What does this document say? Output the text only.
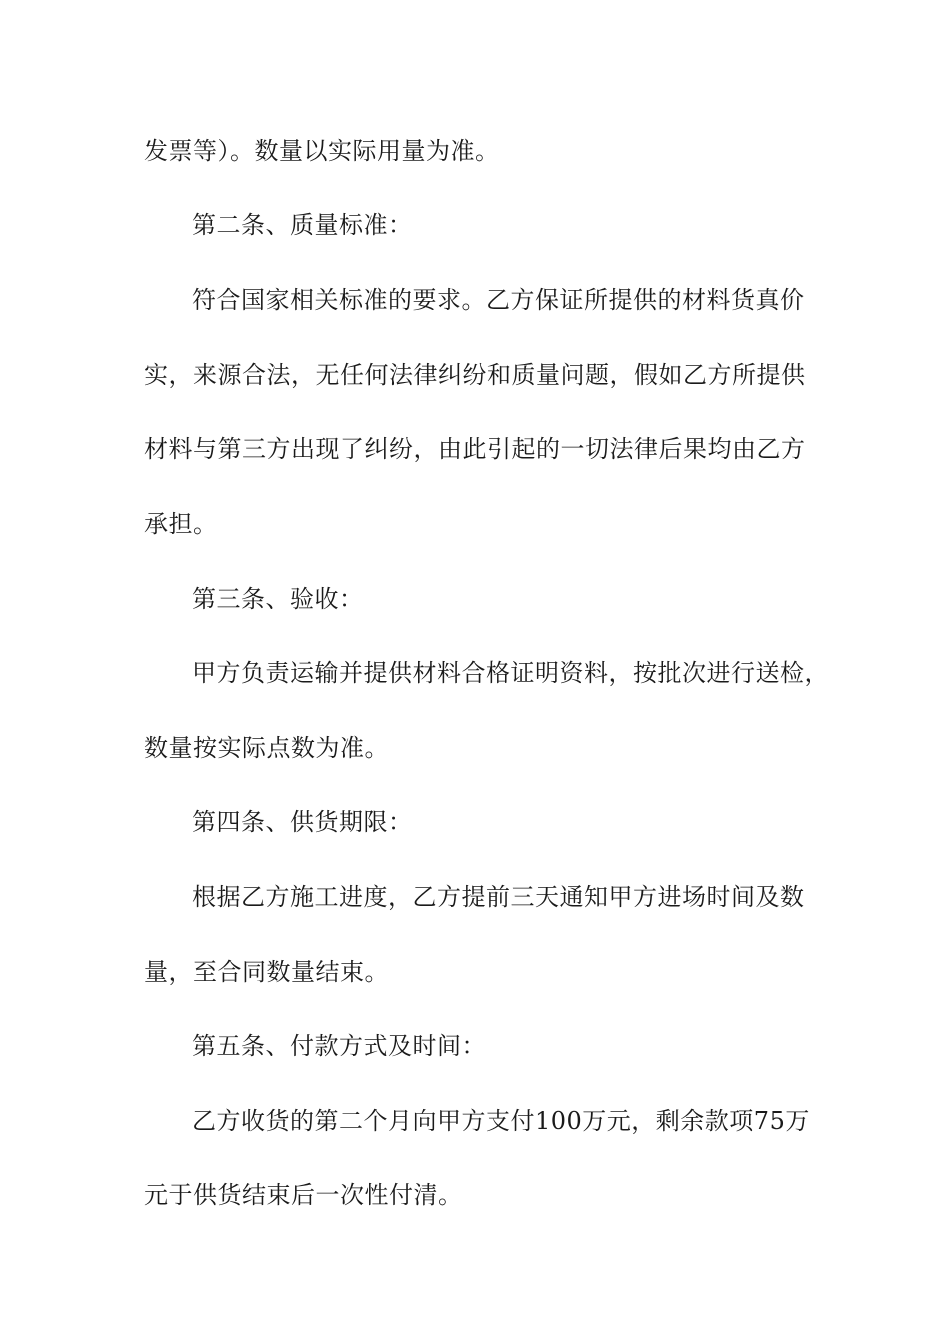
发票等）。数量以实际用量为准。
第二条、质量标准：
符合国家相关标准的要求。乙方保证所提供的材料货真价
实，来源合法，无任何法律纠纷和质量问题，假如乙方所提供
材料与第三方出现了纠纷，由此引起的一切法律后果均由乙方
承担。
第三条、验收：
甲方负责运输并提供材料合格证明资料，按批次进行送检，
数量按实际点数为准。
第四条、供货期限：
根据乙方施工进度，乙方提前三天通知甲方进场时间及数
量，至合同数量结束。
第五条、付款方式及时间：
乙方收货的第二个月向甲方支付100万元，剩余款项75万
元于供货结束后一次性付清。
